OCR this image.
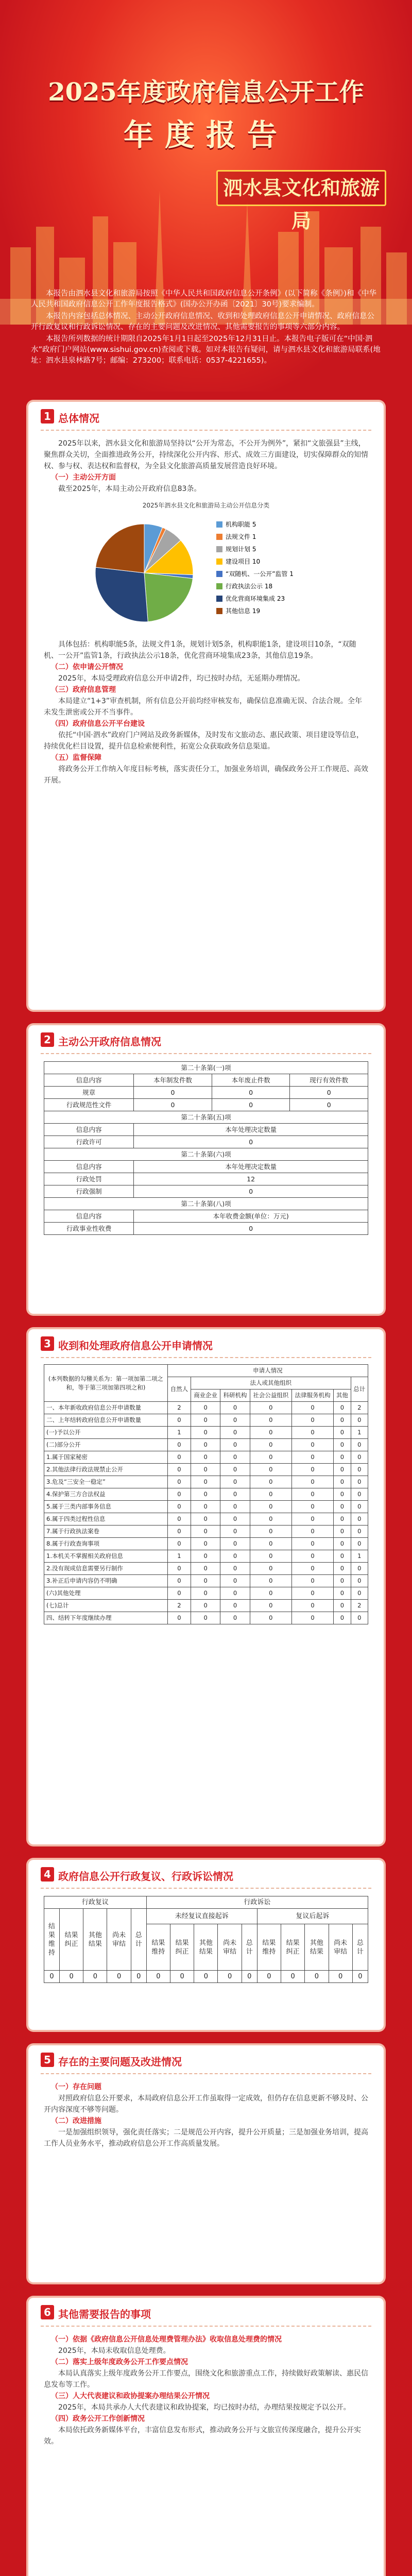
2025年度政府信息公开工作
年度报告
泗水县文化和旅游局

本报告由泗水县文化和旅游局按照《中华人民共和国政府信息公开条例》(以下简称《条例》)和《中华人民共和国政府信息公开工作年度报告格式》(国办公开办函〔2021〕30号)要求编制。

本报告内容包括总体情况、主动公开政府信息情况、收到和处理政府信息公开申请情况、政府信息公开行政复议和行政诉讼情况、存在的主要问题及改进情况、其他需要报告的事项等六部分内容。

本报告所列数据的统计期限自2025年1月1日起至2025年12月31日止。本报告电子版可在“中国·泗水”政府门户网站(www.sishui.gov.cn)查阅或下载。如对本报告有疑问，请与泗水县文化和旅游局联系(地址：泗水县泉林路7号；邮编：273200；联系电话：0537-4221655)。

1 总体情况

2025年以来，泗水县文化和旅游局坚持以“公开为常态，不公开为例外”，紧扣“文旅强县”主线，聚焦群众关切，全面推进政务公开，持续深化公开内容、形式、成效三方面建设，切实保障群众的知情权、参与权、表达权和监督权，为全县文化旅游高质量发展营造良好环境。

（一）主动公开方面

截至2025年，本局主动公开政府信息83条。

2025年泗水县文化和旅游局主动公开信息分类
机构职能 5
法规文件 1
规划计划 5
建设项目 10
“双随机、一公开”监管 1
行政执法公示 18
优化营商环境集成 23
其他信息 19

具体包括：机构职能5条，法规文件1条，规划计划5条，机构职能1条，建设项目10条，“双随机、一公开”监管1条，行政执法公示18条，优化营商环境集成23条，其他信息19条。

（二）依申请公开情况

2025年，本局受理政府信息公开申请2件，均已按时办结，无延期办理情况。

（三）政府信息管理

本局建立“1+3”审查机制，所有信息公开前均经审核发布，确保信息准确无误、合法合规。全年未发生泄密或公开不当事件。

（四）政府信息公开平台建设

依托“中国·泗水”政府门户网站及政务新媒体，及时发布文旅动态、惠民政策、项目建设等信息，持续优化栏目设置，提升信息检索便利性，拓宽公众获取政务信息渠道。

（五）监督保障

将政务公开工作纳入年度目标考核，落实责任分工，加强业务培训，确保政务公开工作规范、高效开展。

2 主动公开政府信息情况
第二十条第(一)项			
信息内容	本年制发件数	本年废止件数	现行有效件数
规章	0	0	0
行政规范性文件	0	0	0
第二十条第(五)项			
信息内容	本年处理决定数量		
行政许可	0		
第二十条第(六)项			
信息内容	本年处理决定数量		
行政处罚	12		
行政强制	0		
第二十条第(八)项			
信息内容	本年收费金额(单位：万元)		
行政事业性收费	0		
3 收到和处理政府信息公开申请情况
(本列数据的勾稽关系为：第一项加第二项之和，等于第三项加第四项之和)	申请人情况						
	自然人	法人或其他组织					总计
		商业企业	科研机构	社会公益组织	法律服务机构	其他	
一、本年新收政府信息公开申请数量	2	0	0	0	0	0	2
二、上年结转政府信息公开申请数量	0	0	0	0	0	0	0
(一)予以公开	1	0	0	0	0	0	1
(二)部分公开	0	0	0	0	0	0	0
1.属于国家秘密	0	0	0	0	0	0	0
2.其他法律行政法规禁止公开	0	0	0	0	0	0	0
3.危及“三安全一稳定”	0	0	0	0	0	0	0
4.保护第三方合法权益	0	0	0	0	0	0	0
5.属于三类内部事务信息	0	0	0	0	0	0	0
6.属于四类过程性信息	0	0	0	0	0	0	0
7.属于行政执法案卷	0	0	0	0	0	0	0
8.属于行政查询事项	0	0	0	0	0	0	0
1.本机关不掌握相关政府信息	1	0	0	0	0	0	1
2.没有现成信息需要另行制作	0	0	0	0	0	0	0
3.补正后申请内容仍不明确	0	0	0	0	0	0	0
(六)其他处理	0	0	0	0	0	0	0
(七)总计	2	0	0	0	0	0	2
四、结转下年度继续办理	0	0	0	0	0	0	0
4 政府信息公开行政复议、行政诉讼情况
行政复议					行政诉讼									
结果维持	结果纠正	其他结果	尚未审结	总计	未经复议直接起诉					复议后起诉				
					结果维持	结果纠正	其他结果	尚未审结	总计	结果维持	结果纠正	其他结果	尚未审结	总计
0	0	0	0	0	0	0	0	0	0	0	0	0	0	0
5 存在的主要问题及改进情况

（一）存在问题

对照政府信息公开要求，本局政府信息公开工作虽取得一定成效，但仍存在信息更新不够及时、公开内容深度不够等问题。

（二）改进措施

一是加强组织领导，强化责任落实；二是规范公开内容，提升公开质量；三是加强业务培训，提高工作人员业务水平，推动政府信息公开工作高质量发展。

6 其他需要报告的事项

（一）依据《政府信息公开信息处理费管理办法》收取信息处理费的情况

2025年，本局未收取信息处理费。

（二）落实上级年度政务公开工作要点情况

本局认真落实上级年度政务公开工作要点，围绕文化和旅游重点工作，持续做好政策解读、惠民信息发布等工作。

（三）人大代表建议和政协提案办理结果公开情况

2025年，本局共承办人大代表建议和政协提案，均已按时办结，办理结果按规定予以公开。

（四）政务公开工作创新情况

本局依托政务新媒体平台，丰富信息发布形式，推动政务公开与文旅宣传深度融合，提升公开实效。
